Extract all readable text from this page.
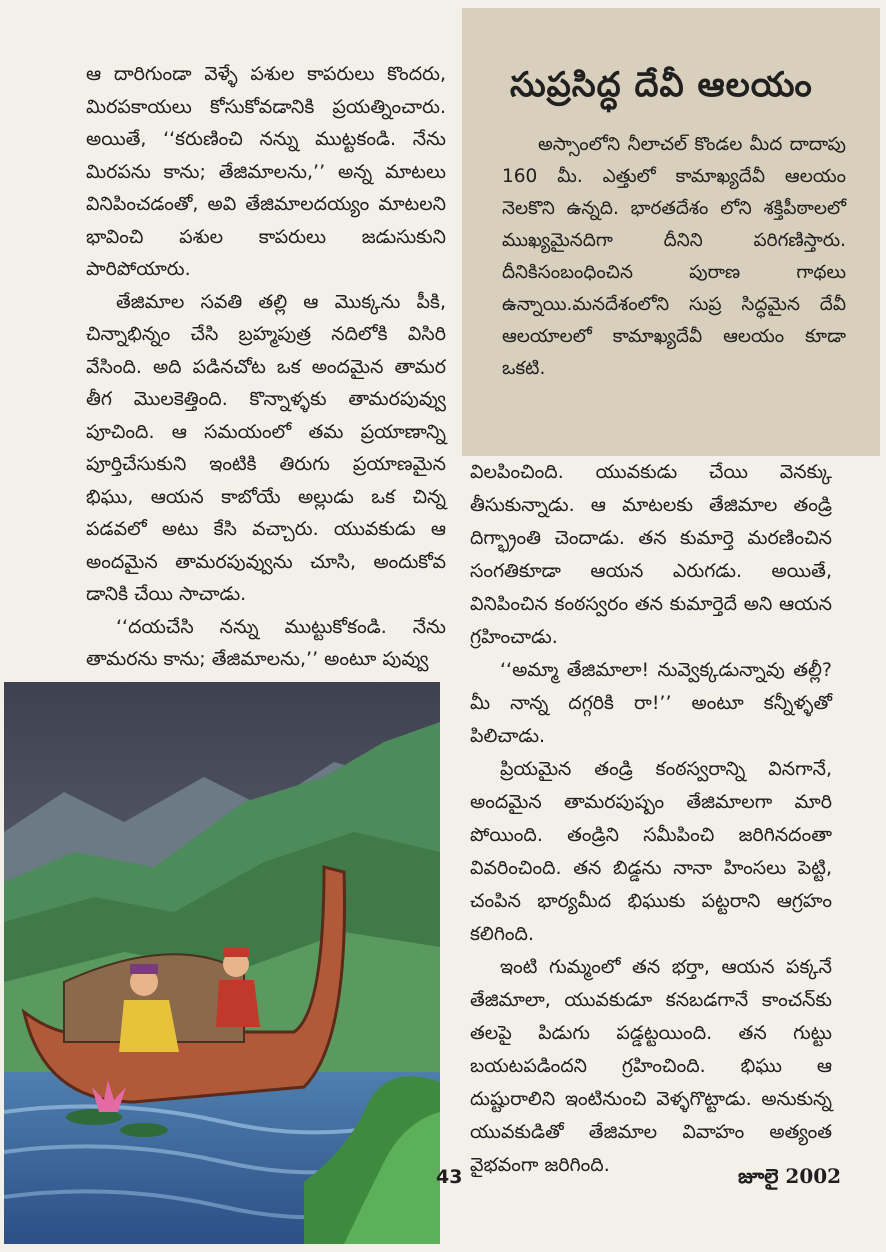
ఆ దారిగుండా వెళ్ళే పశుల కాపరులు కొందరు, మిరపకాయలు కోసుకోవడానికి ప్రయత్నించారు. అయితే, ‘‘కరుణించి నన్ను ముట్టకండి. నేను మిరపను కాను; తేజిమాలను,’’ అన్న మాటలు వినిపించడంతో, అవి తేజిమాలదయ్యం మాటలని భావించి పశుల కాపరులు జడుసుకుని పారిపోయారు.

తేజిమాల సవతి తల్లి ఆ మొక్కను పీకి, చిన్నాభిన్నం చేసి బ్రహ్మపుత్ర నదిలోకి విసిరి వేసింది. అది పడినచోట ఒక అందమైన తామర తీగ మొలకెత్తింది. కొన్నాళ్ళకు తామరపువ్వు పూచింది. ఆ సమయంలో తమ ప్రయాణాన్ని పూర్తిచేసుకుని ఇంటికి తిరుగు ప్రయాణమైన భిఘు, ఆయన కాబోయే అల్లుడు ఒక చిన్న పడవలో అటు కేసి వచ్చారు. యువకుడు ఆ అందమైన తామరపువ్వును చూసి, అందుకోవ డానికి చేయి సాచాడు.

‘‘దయచేసి నన్ను ముట్టుకోకండి. నేను తామరను కాను; తేజిమాలను,’’ అంటూ పువ్వు

సుప్రసిద్ధ దేవీ ఆలయం

అస్సాంలోని నీలాచల్ కొండల మీద దాదాపు 160 మీ. ఎత్తులో కామాఖ్యదేవీ ఆలయం నెలకొని ఉన్నది. భారతదేశం లోని శక్తిపీఠాలలో ముఖ్యమైనదిగా దీనిని పరిగణిస్తారు. దీనికిసంబంధించిన పురాణ గాథలు ఉన్నాయి.మనదేశంలోని సుప్ర సిద్ధమైన దేవీ ఆలయాలలో కామాఖ్యదేవీ ఆలయం కూడా ఒకటి.

విలపించింది. యువకుడు చేయి వెనక్కు తీసుకున్నాడు. ఆ మాటలకు తేజిమాల తండ్రి దిగ్భ్రాంతి చెందాడు. తన కుమార్తె మరణించిన సంగతికూడా ఆయన ఎరుగడు. అయితే, వినిపించిన కంఠస్వరం తన కుమార్తెదే అని ఆయన గ్రహించాడు.

‘‘అమ్మా తేజిమాలా! నువ్వెక్కడున్నావు తల్లీ? మీ నాన్న దగ్గరికి రా!’’ అంటూ కన్నీళ్ళతో పిలిచాడు.

ప్రియమైన తండ్రి కంఠస్వరాన్ని వినగానే, అందమైన తామరపుష్పం తేజిమాలగా మారి పోయింది. తండ్రిని సమీపించి జరిగినదంతా వివరించింది. తన బిడ్డను నానా హింసలు పెట్టి, చంపిన భార్యమీద భిఘుకు పట్టరాని ఆగ్రహం కలిగింది.

ఇంటి గుమ్మంలో తన భర్తా, ఆయన పక్కనే తేజిమాలా, యువకుడూ కనబడగానే కాంచన్‌కు తలపై పిడుగు పడ్డట్టయింది. తన గుట్టు బయటపడిందని గ్రహించింది. భిఘు ఆ దుష్టురాలిని ఇంటినుంచి వెళ్ళగొట్టాడు. అనుకున్న యువకుడితో తేజిమాల వివాహం అత్యంత వైభవంగా జరిగింది.

43	జూలై 2002
